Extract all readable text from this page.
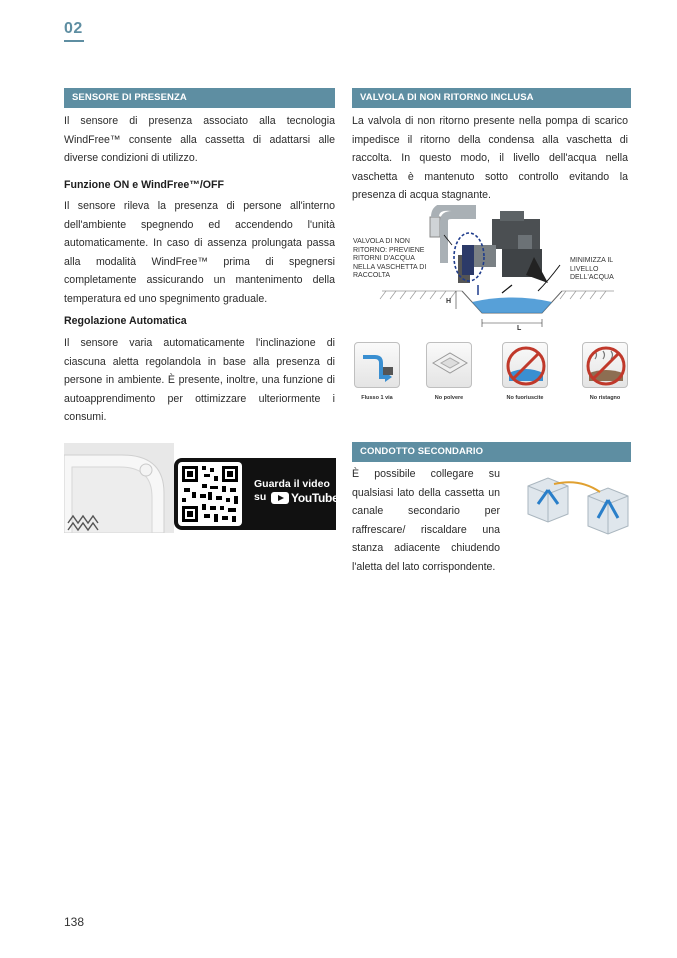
02
SENSORE DI PRESENZA

Il sensore di presenza associato alla tecnologia WindFree™ consente alla cassetta di adattarsi alle diverse condizioni di utilizzo.

Funzione ON e WindFree™/OFF

Il sensore rileva la presenza di persone all'interno dell'ambiente spegnendo ed accendendo l'unità automaticamente. In caso di assenza prolungata passa alla modalità WindFree™ prima di spegnersi completamente assicurando un mantenimento della temperatura ed uno spegnimento graduale.

Regolazione Automatica

Il sensore varia automaticamente l'inclinazione di ciascuna aletta regolandola in base alla presenza di persone in ambiente. È presente, inoltre, una funzione di autoapprendimento per ottimizzare ulteriormente i consumi.

Guarda il video
su YouTube
VALVOLA DI NON RITORNO INCLUSA

La valvola di non ritorno presente nella pompa di scarico impedisce il ritorno della condensa alla vaschetta di raccolta. In questo modo, il livello dell'acqua nella vaschetta è mantenuto sotto controllo evitando la presenza di acqua stagnante.

VALVOLA DI NON RITORNO: PREVIENE RITORNI D'ACQUA NELLA VASCHETTA DI RACCOLTA

MINIMIZZA IL LIVELLO DELL'ACQUA

H
L
Flusso 1 via	No polvere	No fuoriuscite	No ristagno
CONDOTTO SECONDARIO

È possibile collegare su qualsiasi lato della cassetta un canale secondario per raffrescare/ riscaldare una stanza adiacente chiudendo l'aletta del lato corrispondente.

138
